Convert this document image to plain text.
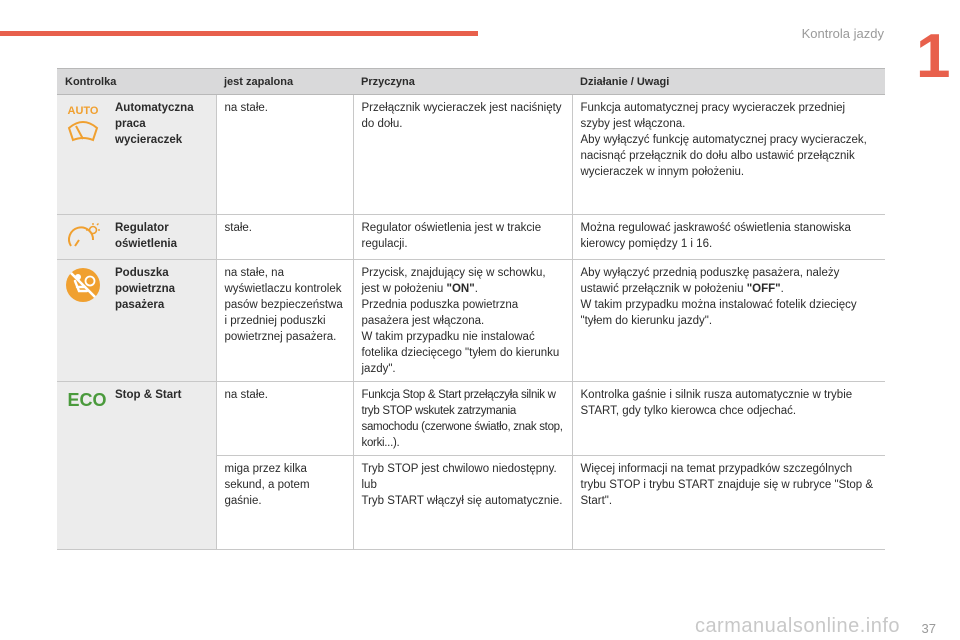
Kontrola jazdy 1
Kontrolka		jest zapalona	Przyczyna	Działanie / Uwagi

AUTO	Automatyczna praca wycieraczek	na stałe.	Przełącznik wycieraczek jest naciśnięty do dołu.	Funkcja automatycznej pracy wycieraczek przedniej szyby jest włączona.
Aby wyłączyć funkcję automatycznej pracy wycieraczek, nacisnąć przełącznik do dołu albo ustawić przełącznik wycieraczek w innym położeniu.

	Regulator oświetlenia	stałe.	Regulator oświetlenia jest w trakcie regulacji.	Można regulować jaskrawość oświetlenia stanowiska kierowcy pomiędzy 1 i 16.

	Poduszka powietrzna pasażera	na stałe, na wyświetlaczu kontrolek pasów bezpieczeństwa i przedniej poduszki powietrznej pasażera.	Przycisk, znajdujący się w schowku, jest w położeniu "ON".
Przednia poduszka powietrzna pasażera jest włączona.
W takim przypadku nie instalować fotelika dziecięcego "tyłem do kierunku jazdy".	Aby wyłączyć przednią poduszkę pasażera, należy ustawić przełącznik w położeniu "OFF".
W takim przypadku można instalować fotelik dziecięcy "tyłem do kierunku jazdy".

ECO	Stop & Start	na stałe.	Funkcja Stop & Start przełączyła silnik w tryb STOP wskutek zatrzymania samochodu (czerwone światło, znak stop, korki...).	Kontrolka gaśnie i silnik rusza automatycznie w trybie START, gdy tylko kierowca chce odjechać.
		miga przez kilka sekund, a potem gaśnie.	Tryb STOP jest chwilowo niedostępny.
lub
Tryb START włączył się automatycznie.	Więcej informacji na temat przypadków szczególnych trybu STOP i trybu START znajduje się w rubryce "Stop & Start".
carmanualsonline.info 37
